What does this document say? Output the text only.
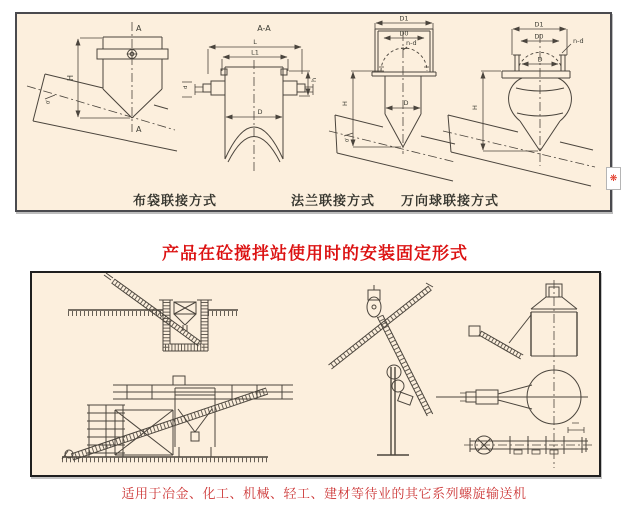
A
A
H
d
A-A
L
L1
d
h
D
D1
D0
n-d
D
H
d
D1
D0
n-d
D
H
布袋联接方式	法兰联接方式	万向球联接方式
产品在砼搅拌站使用时的安装固定形式
适用于冶金、化工、机械、轻工、建材等待业的其它系列螺旋输送机
❋
